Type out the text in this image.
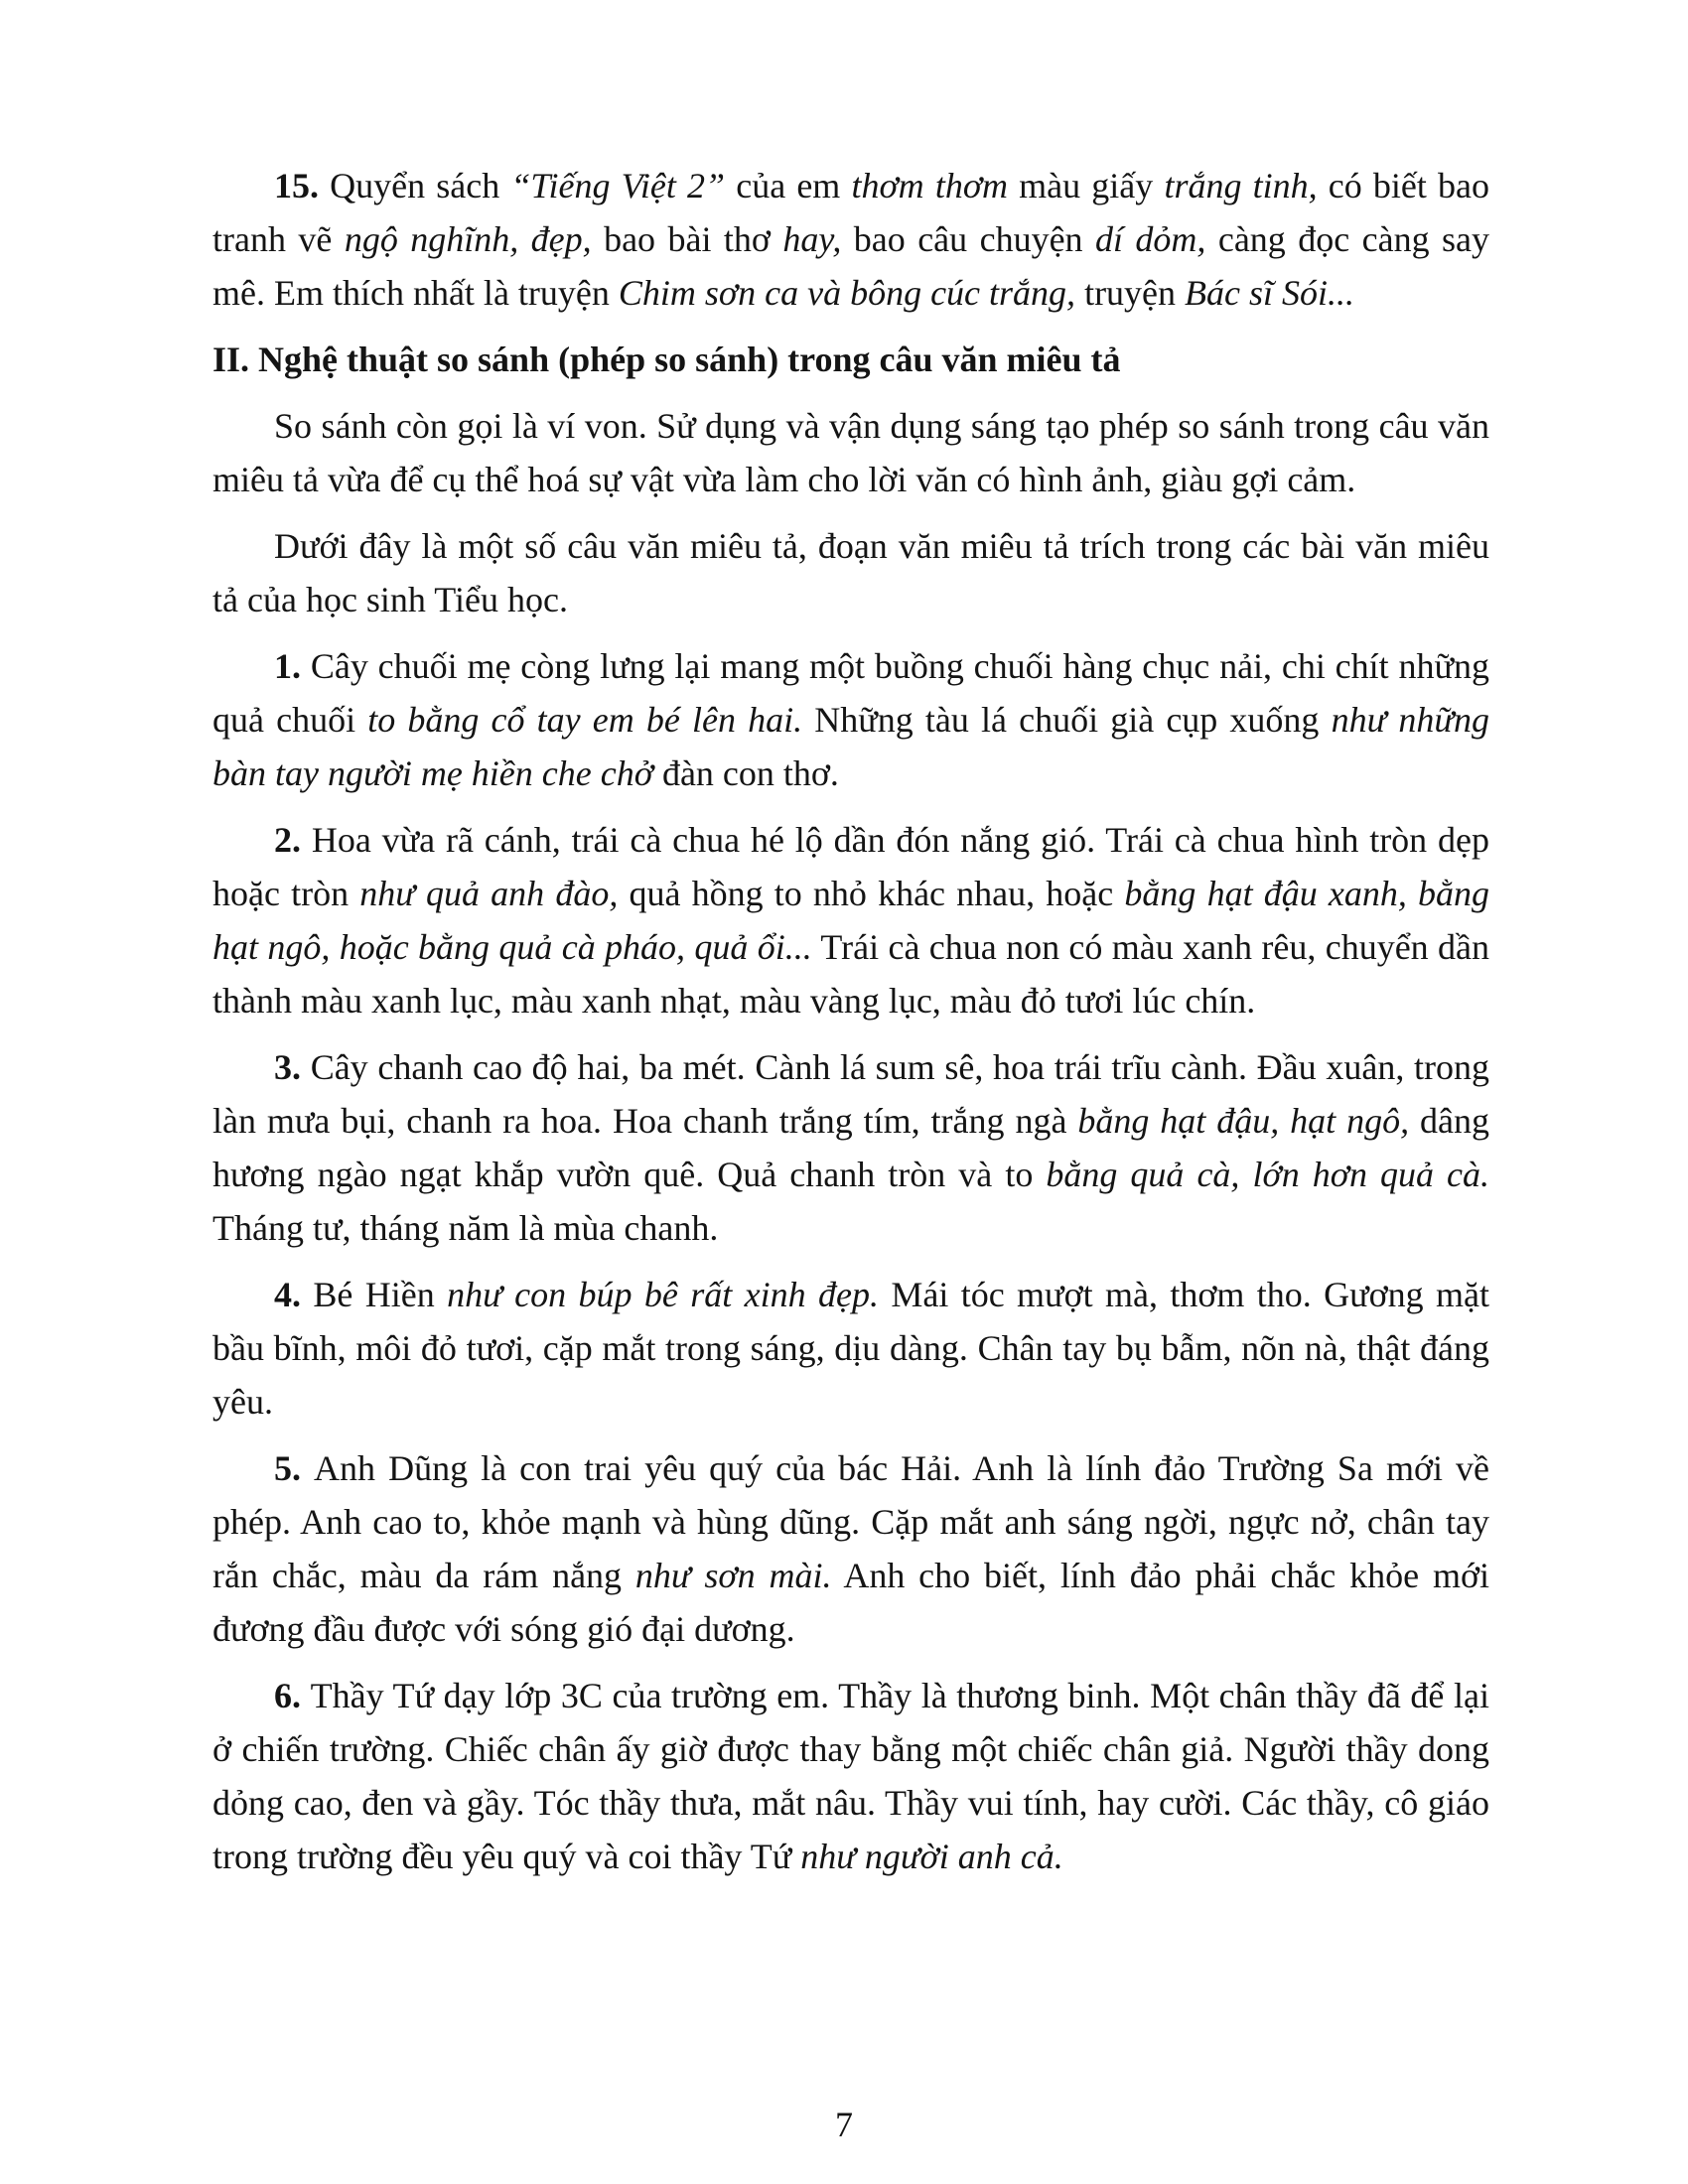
15. Quyển sách “Tiếng Việt 2” của em thơm thơm màu giấy trắng tinh, có biết bao tranh vẽ ngộ nghĩnh, đẹp, bao bài thơ hay, bao câu chuyện dí dỏm, càng đọc càng say mê. Em thích nhất là truyện Chim sơn ca và bông cúc trắng, truyện Bác sĩ Sói...

II. Nghệ thuật so sánh (phép so sánh) trong câu văn miêu tả

So sánh còn gọi là ví von. Sử dụng và vận dụng sáng tạo phép so sánh trong câu văn miêu tả vừa để cụ thể hoá sự vật vừa làm cho lời văn có hình ảnh, giàu gợi cảm.

Dưới đây là một số câu văn miêu tả, đoạn văn miêu tả trích trong các bài văn miêu tả của học sinh Tiểu học.

1. Cây chuối mẹ còng lưng lại mang một buồng chuối hàng chục nải, chi chít những quả chuối to bằng cổ tay em bé lên hai. Những tàu lá chuối già cụp xuống như những bàn tay người mẹ hiền che chở đàn con thơ.

2. Hoa vừa rã cánh, trái cà chua hé lộ dần đón nắng gió. Trái cà chua hình tròn dẹp hoặc tròn như quả anh đào, quả hồng to nhỏ khác nhau, hoặc bằng hạt đậu xanh, bằng hạt ngô, hoặc bằng quả cà pháo, quả ổi... Trái cà chua non có màu xanh rêu, chuyển dần thành màu xanh lục, màu xanh nhạt, màu vàng lục, màu đỏ tươi lúc chín.

3. Cây chanh cao độ hai, ba mét. Cành lá sum sê, hoa trái trĩu cành. Đầu xuân, trong làn mưa bụi, chanh ra hoa. Hoa chanh trắng tím, trắng ngà bằng hạt đậu, hạt ngô, dâng hương ngào ngạt khắp vườn quê. Quả chanh tròn và to bằng quả cà, lớn hơn quả cà. Tháng tư, tháng năm là mùa chanh.

4. Bé Hiền như con búp bê rất xinh đẹp. Mái tóc mượt mà, thơm tho. Gương mặt bầu bĩnh, môi đỏ tươi, cặp mắt trong sáng, dịu dàng. Chân tay bụ bẫm, nõn nà, thật đáng yêu.

5. Anh Dũng là con trai yêu quý của bác Hải. Anh là lính đảo Trường Sa mới về phép. Anh cao to, khỏe mạnh và hùng dũng. Cặp mắt anh sáng ngời, ngực nở, chân tay rắn chắc, màu da rám nắng như sơn mài. Anh cho biết, lính đảo phải chắc khỏe mới đương đầu được với sóng gió đại dương.

6. Thầy Tứ dạy lớp 3C của trường em. Thầy là thương binh. Một chân thầy đã để lại ở chiến trường. Chiếc chân ấy giờ được thay bằng một chiếc chân giả. Người thầy dong dỏng cao, đen và gầy. Tóc thầy thưa, mắt nâu. Thầy vui tính, hay cười. Các thầy, cô giáo trong trường đều yêu quý và coi thầy Tứ như người anh cả.

7
